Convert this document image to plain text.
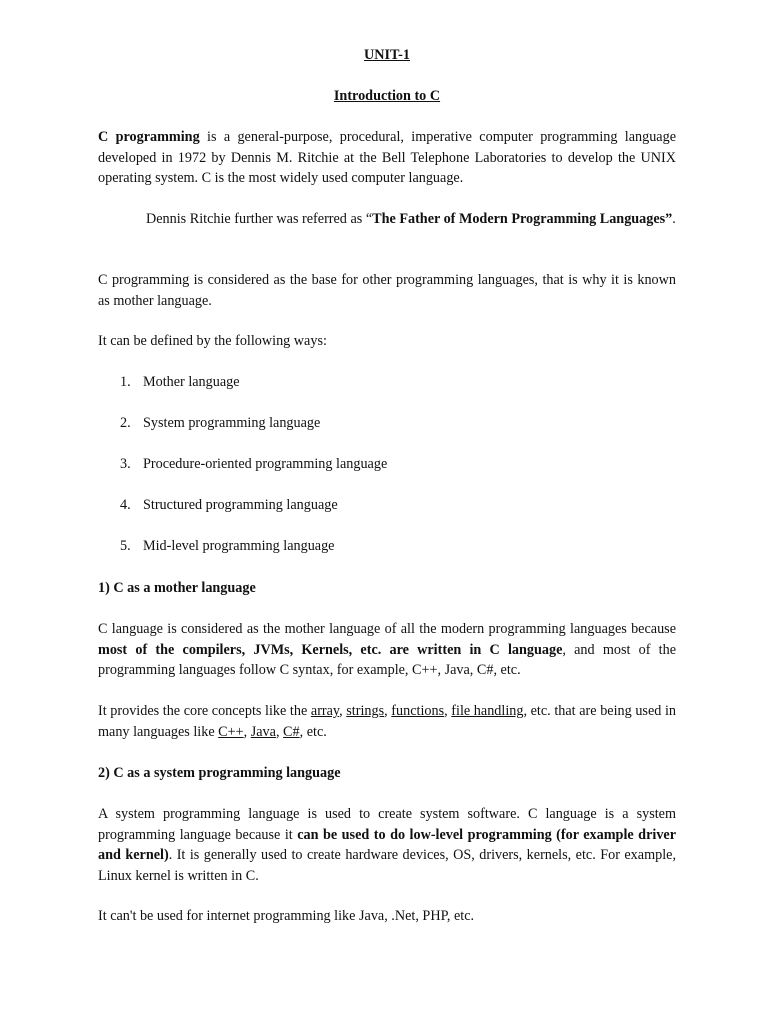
UNIT-1

Introduction to C

C programming is a general-purpose, procedural, imperative computer programming language developed in 1972 by Dennis M. Ritchie at the Bell Telephone Laboratories to develop the UNIX operating system. C is the most widely used computer language.

Dennis Ritchie further was referred as “The Father of Modern Programming Languages”.

C programming is considered as the base for other programming languages, that is why it is known as mother language.

It can be defined by the following ways:

1. Mother language

2. System programming language

3. Procedure-oriented programming language

4. Structured programming language

5. Mid-level programming language

1) C as a mother language

C language is considered as the mother language of all the modern programming languages because most of the compilers, JVMs, Kernels, etc. are written in C language, and most of the programming languages follow C syntax, for example, C++, Java, C#, etc.

It provides the core concepts like the array, strings, functions, file handling, etc. that are being used in many languages like C++, Java, C#, etc.

2) C as a system programming language

A system programming language is used to create system software. C language is a system programming language because it can be used to do low-level programming (for example driver and kernel). It is generally used to create hardware devices, OS, drivers, kernels, etc. For example, Linux kernel is written in C.

It can't be used for internet programming like Java, .Net, PHP, etc.
